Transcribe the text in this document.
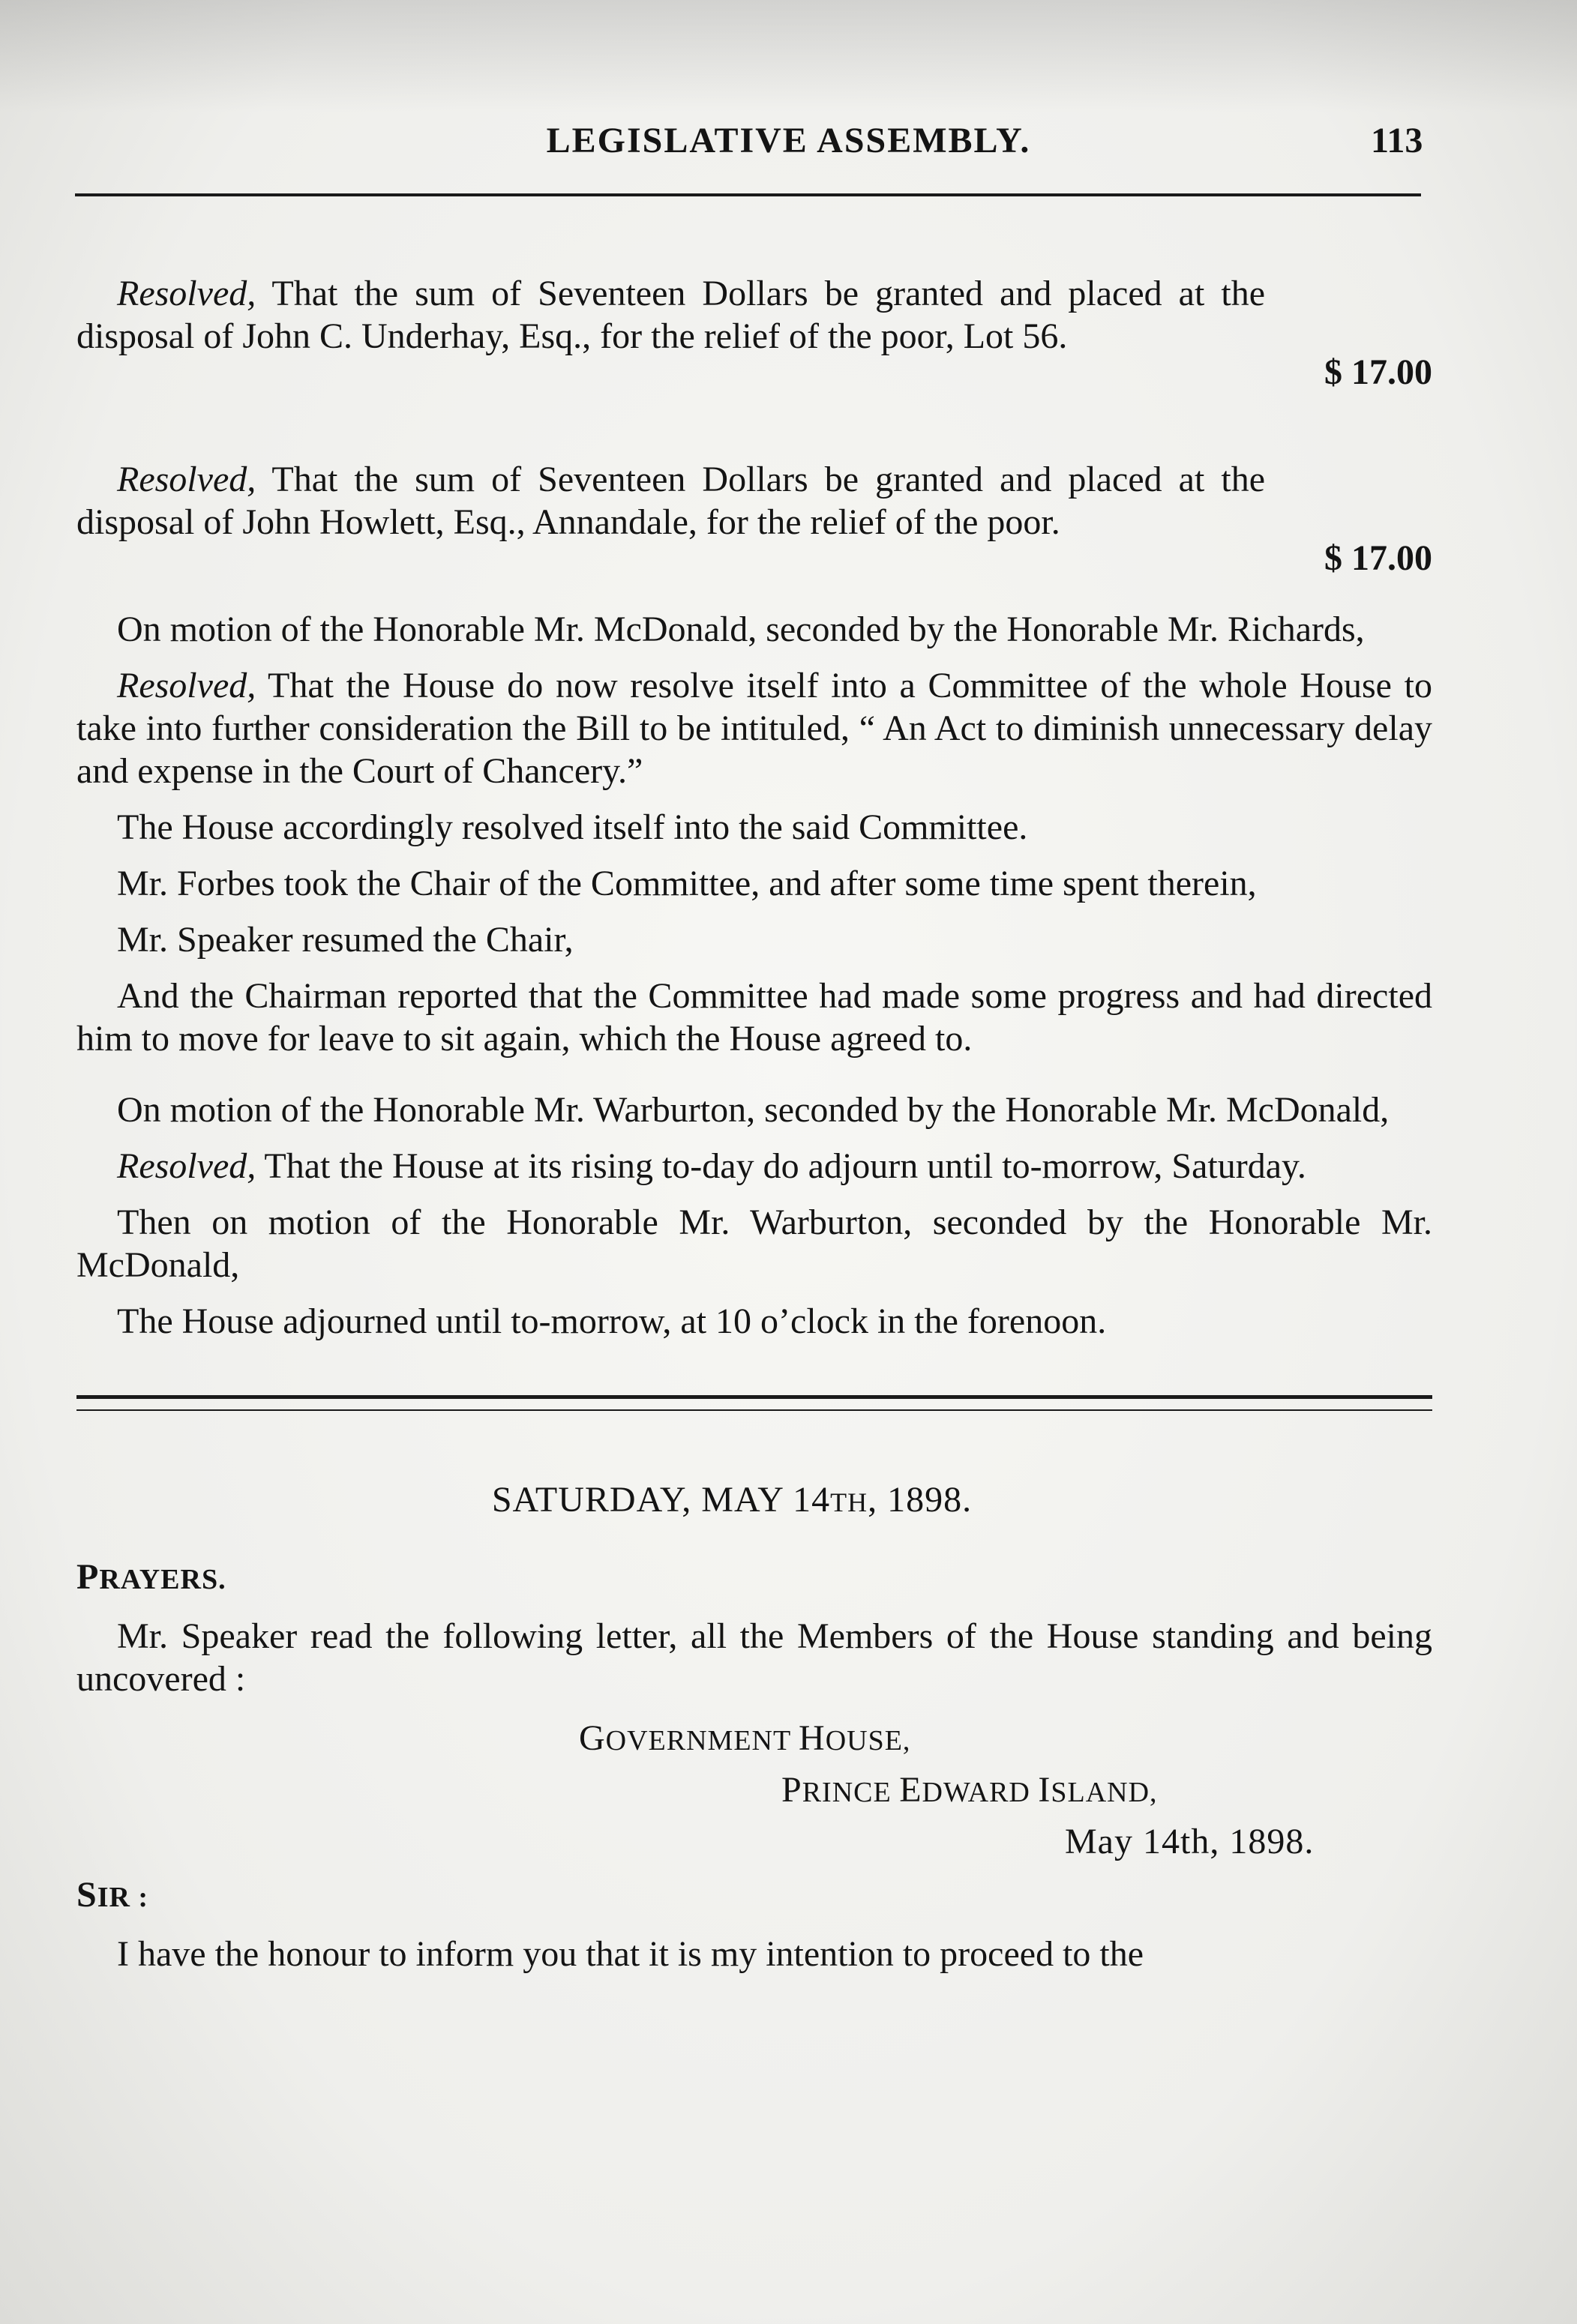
LEGISLATIVE ASSEMBLY.	113

Resolved, That the sum of Seventeen Dollars be granted and placed at the disposal of John C. Underhay, Esq., for the relief of the poor, Lot 56.

$ 17.00

Resolved, That the sum of Seventeen Dollars be granted and placed at the disposal of John Howlett, Esq., Annandale, for the relief of the poor.

$ 17.00

On motion of the Honorable Mr. McDonald, seconded by the Honorable Mr. Richards,

Resolved, That the House do now resolve itself into a Committee of the whole House to take into further consideration the Bill to be intituled, “ An Act to diminish unnecessary delay and expense in the Court of Chancery.”

The House accordingly resolved itself into the said Committee.

Mr. Forbes took the Chair of the Committee, and after some time spent therein,

Mr. Speaker resumed the Chair,

And the Chairman reported that the Committee had made some progress and had directed him to move for leave to sit again, which the House agreed to.

On motion of the Honorable Mr. Warburton, seconded by the Honorable Mr. McDonald,

Resolved, That the House at its rising to-day do adjourn until to-morrow, Saturday.

Then on motion of the Honorable Mr. Warburton, seconded by the Honorable Mr. McDonald,

The House adjourned until to-morrow, at 10 o’clock in the forenoon.

SATURDAY, MAY 14TH, 1898.
PRAYERS.

Mr. Speaker read the following letter, all the Members of the House standing and being uncovered :

GOVERNMENT HOUSE,
PRINCE EDWARD ISLAND,
May 14th, 1898.
SIR :

I have the honour to inform you that it is my intention to proceed to the
